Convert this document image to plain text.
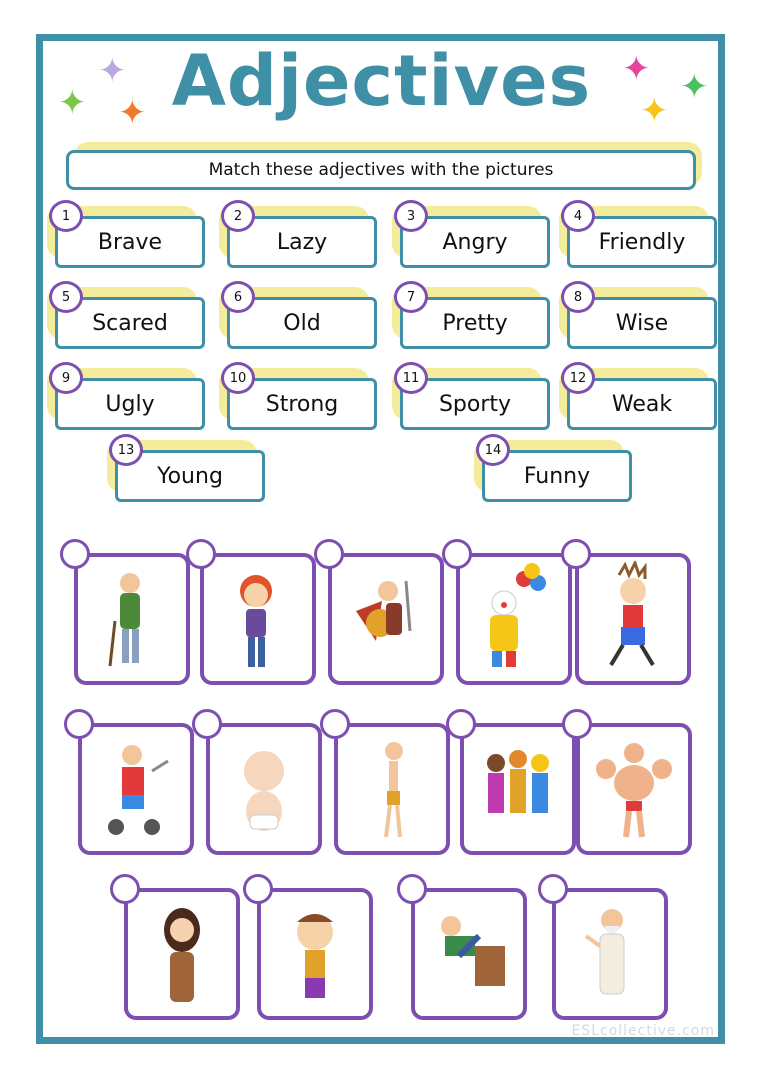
✦
✦
✦
✦
✦
✦
Adjectives
Match these adjectives with the pictures
Brave
1
Lazy
2
Angry
3
Friendly
4
Scared
5
Old
6
Pretty
7
Wise
8
Ugly
9
Strong
10
Sporty
11
Weak
12
Young
13
Funny
14
ESLcollective.com
